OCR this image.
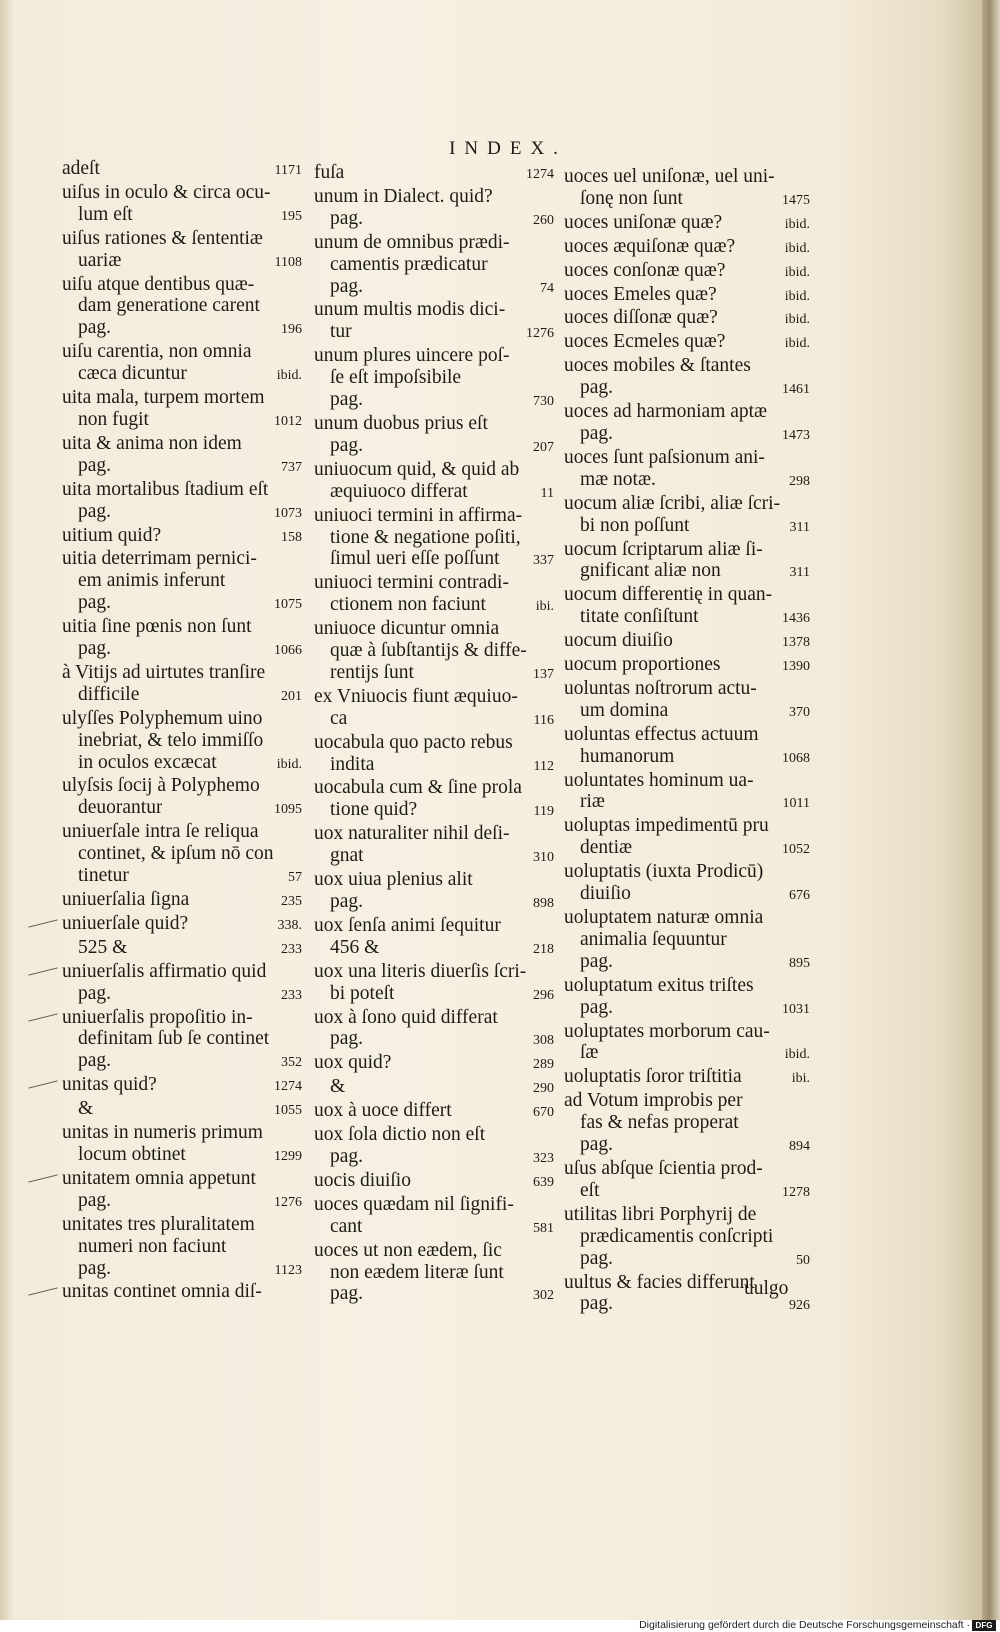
INDEX.
adeſt	1171
uiſus in oculo & circa ocu-
lum eſt	195
uiſus rationes & ſententiæ
uariæ	1108
uiſu atque dentibus quæ-
dam generatione carent
pag.	196
uiſu carentia, non omnia
cæca dicuntur	ibid.
uita mala, turpem mortem
non fugit	1012
uita & anima non idem
pag.	737
uita mortalibus ſtadium eſt
pag.	1073
uitium quid?	158
uitia deterrimam pernici-
em animis inferunt
pag.	1075
uitia ſine pœnis non ſunt
pag.	1066
à Vitijs ad uirtutes tranſire
difficile	201
ulyſſes Polyphemum uino
inebriat, & telo immiſſo
in oculos excæcat	ibid.
ulyſsis ſocij à Polyphemo
deuorantur	1095
uniuerſale intra ſe reliqua
continet, & ipſum nō con
tinetur	57
uniuerſalia ſigna	235
uniuerſale quid?	338.
525 &	233
uniuerſalis affirmatio quid
pag.	233
uniuerſalis propoſitio in-
definitam ſub ſe continet
pag.	352
unitas quid?	1274
&	1055
unitas in numeris primum
locum obtinet	1299
unitatem omnia appetunt
pag.	1276
unitates tres pluralitatem
numeri non faciunt
pag.	1123
unitas continet omnia diſ-
fuſa	1274
unum in Dialect. quid?
pag.	260
unum de omnibus prædi-
camentis prædicatur
pag.	74
unum multis modis dici-
tur	1276
unum plures uincere poſ-
ſe eſt impoſsibile
pag.	730
unum duobus prius eſt
pag.	207
uniuocum quid, & quid ab
æquiuoco differat	11
uniuoci termini in affirma-
tione & negatione poſiti,
ſimul ueri eſſe poſſunt 337
uniuoci termini contradi-
ctionem non faciunt	ibi.
uniuoce dicuntur omnia
quæ à ſubſtantijs & diffe-
rentijs ſunt	137
ex Vniuocis fiunt æquiuo-
ca	116
uocabula quo pacto rebus
indita	112
uocabula cum & ſine prola
tione quid?	119
uox naturaliter nihil deſi-
gnat	310
uox uiua plenius alit
pag.	898
uox ſenſa animi ſequitur
456 &	218
uox una literis diuerſis ſcri-
bi poteſt	296
uox à ſono quid differat
pag.	308
uox quid?	289
&	290
uox à uoce differt	670
uox ſola dictio non eſt
pag.	323
uocis diuiſio	639
uoces quædam nil ſignifi-
cant	581
uoces ut non eædem, ſic
non eædem literæ ſunt
pag.	302
uoces uel uniſonæ, uel uni-
ſonę non ſunt	1475
uoces uniſonæ quæ?	ibid.
uoces æquiſonæ quæ?	ibid.
uoces conſonæ quæ?	ibid.
uoces Emeles quæ?	ibid.
uoces diſſonæ quæ?	ibid.
uoces Ecmeles quæ?	ibid.
uoces mobiles & ſtantes
pag.	1461
uoces ad harmoniam aptæ
pag.	1473
uoces ſunt paſsionum ani-
mæ notæ.	298
uocum aliæ ſcribi, aliæ ſcri-
bi non poſſunt	311
uocum ſcriptarum aliæ ſi-
gnificant aliæ non	311
uocum differentię in quan-
titate conſiſtunt	1436
uocum diuiſio	1378
uocum proportiones	1390
uoluntas noſtrorum actu-
um domina	370
uoluntas effectus actuum
humanorum	1068
uoluntates hominum ua-
riæ	1011
uoluptas impedimentū pru
dentiæ	1052
uoluptatis (iuxta Prodicū)
diuiſio	676
uoluptatem naturæ omnia
animalia ſequuntur
pag.	895
uoluptatum exitus triſtes
pag.	1031
uoluptates morborum cau-
ſæ	ibid.
uoluptatis ſoror triſtitia	ibi.
ad Votum improbis per
fas & nefas properat
pag.	894
uſus abſque ſcientia prod-
eſt	1278
utilitas libri Porphyrij de
prædicamentis conſcripti
pag.	50
uultus & facies differunt
pag.	926
uulgo
Digitalisierung gefördert durch die Deutsche Forschungsgemeinschaft · DFG
